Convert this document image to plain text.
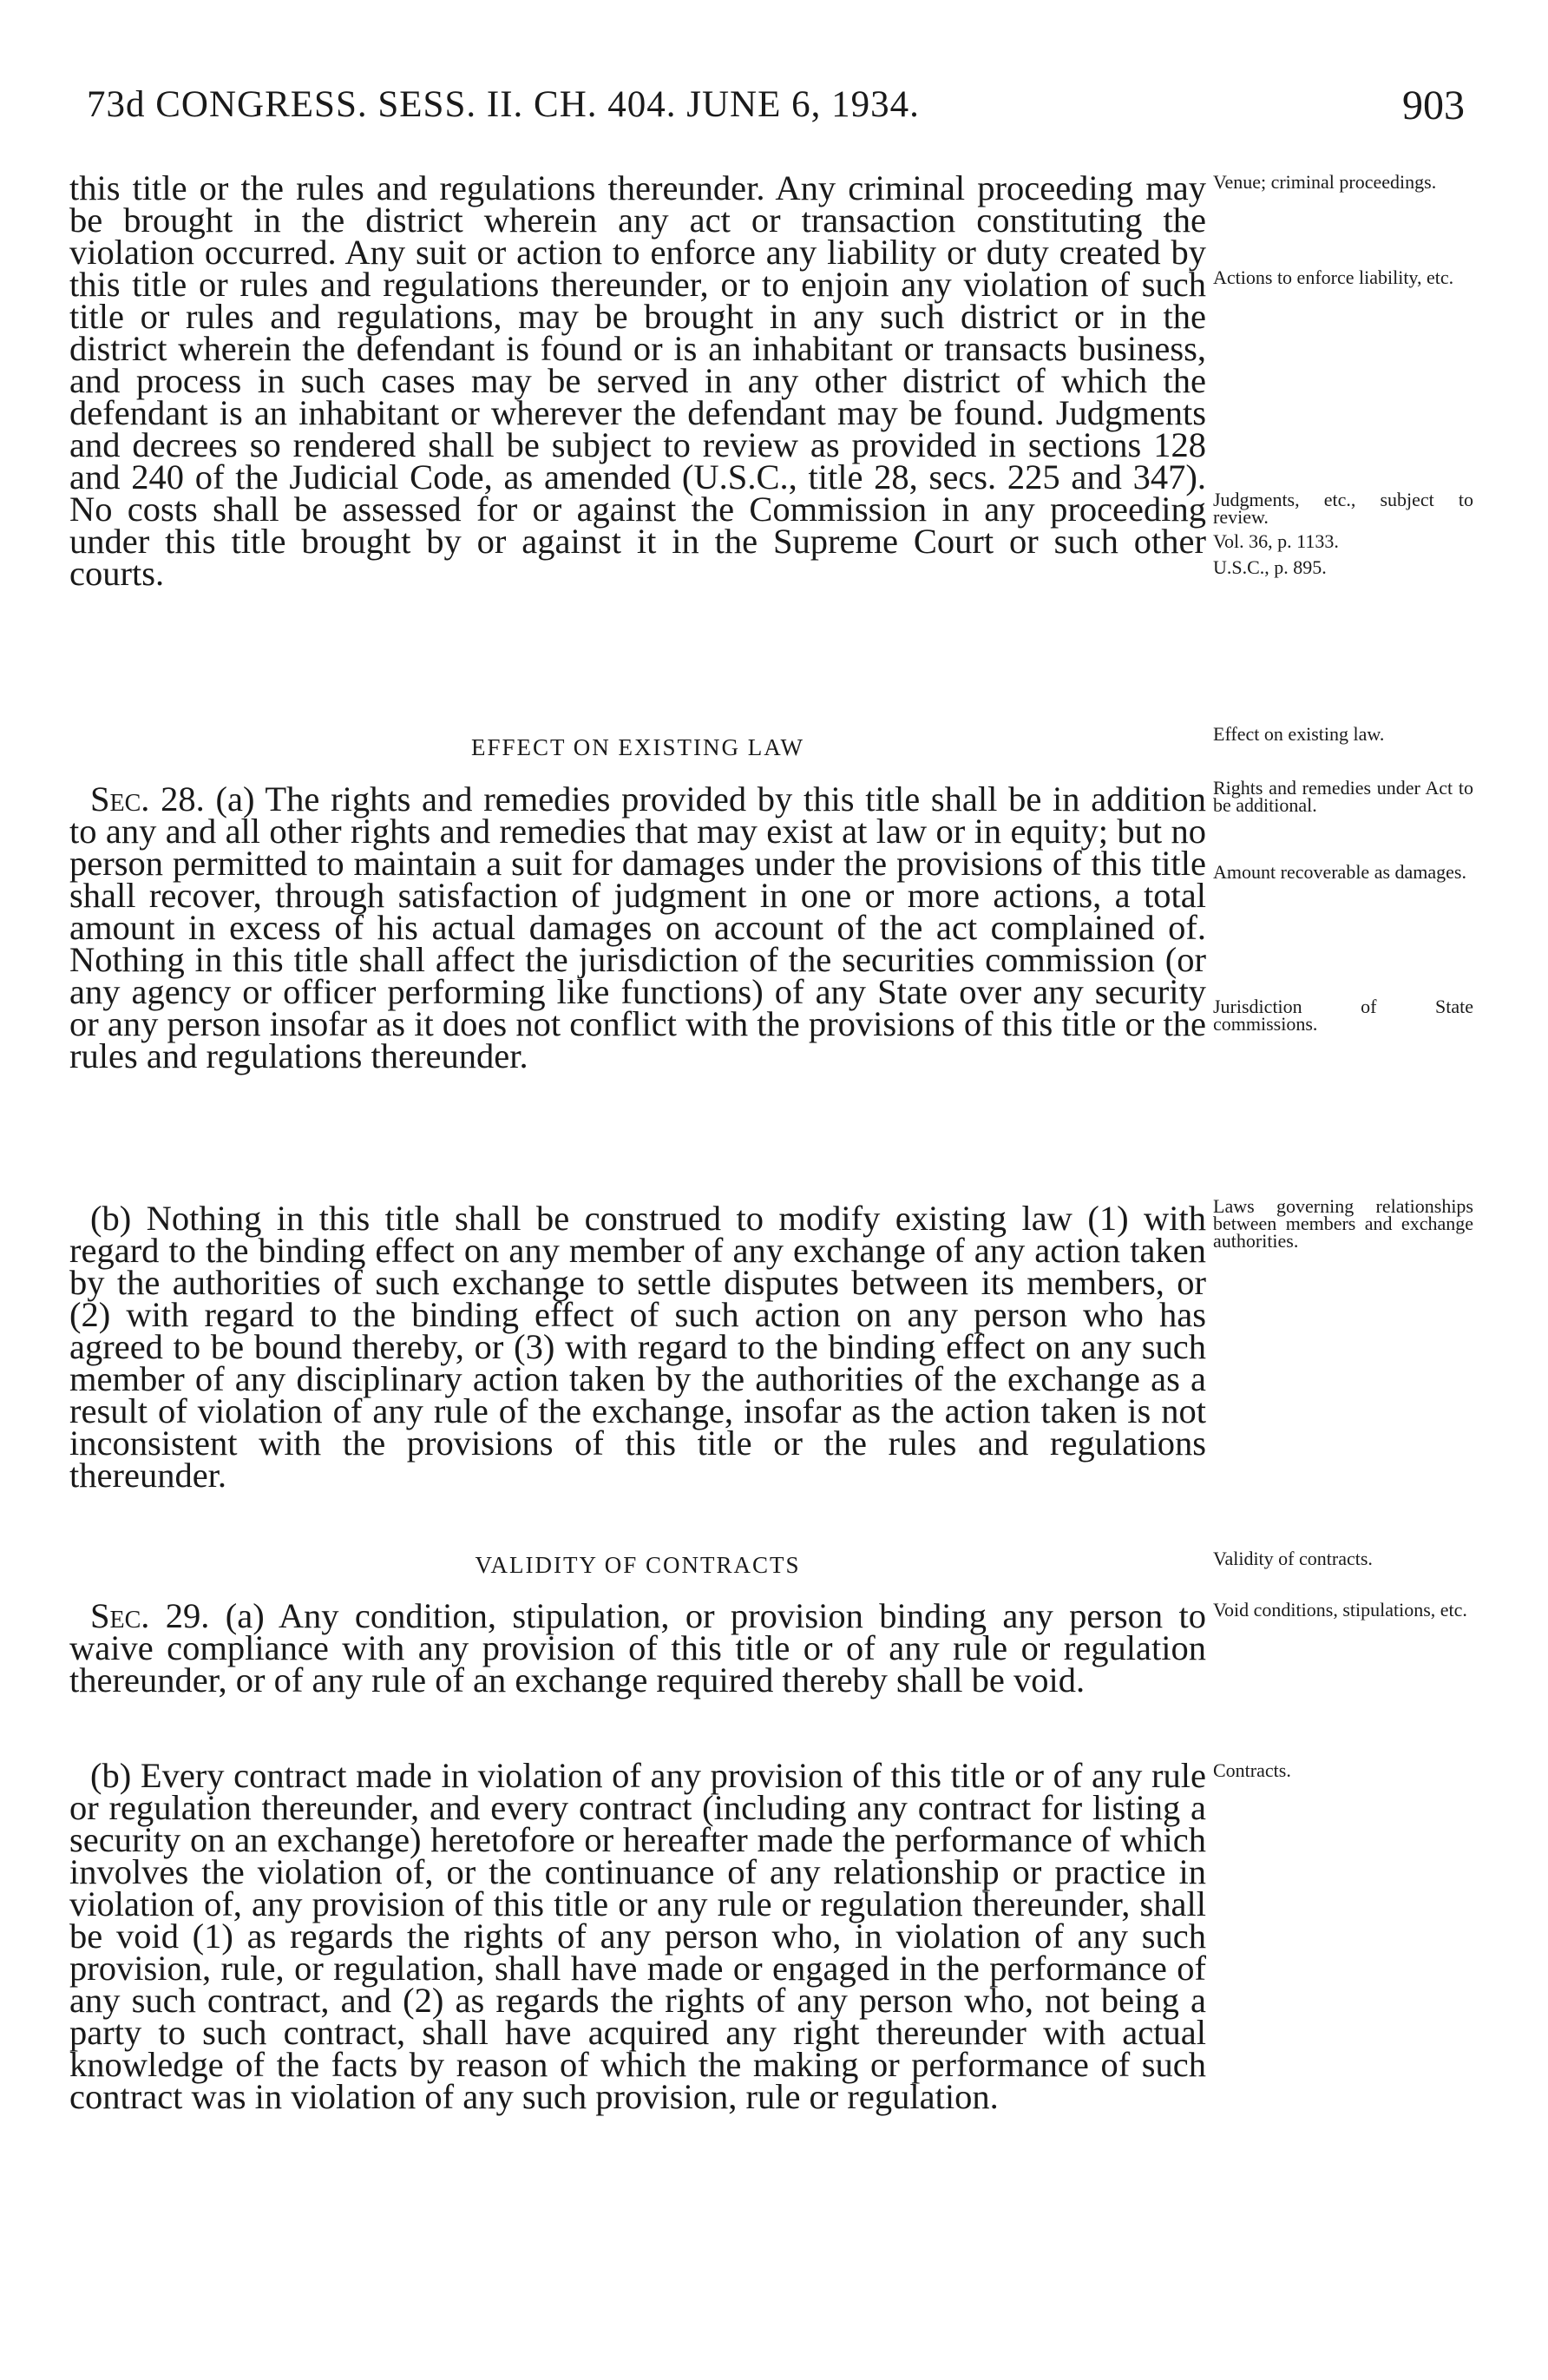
73d CONGRESS. SESS. II. CH. 404. JUNE 6, 1934.	903

this title or the rules and regulations thereunder. Any criminal proceeding may be brought in the district wherein any act or transaction constituting the violation occurred. Any suit or action to enforce any liability or duty created by this title or rules and regulations thereunder, or to enjoin any violation of such title or rules and regulations, may be brought in any such district or in the district wherein the defendant is found or is an inhabitant or transacts business, and process in such cases may be served in any other district of which the defendant is an inhabitant or wherever the defendant may be found. Judgments and decrees so rendered shall be subject to review as provided in sections 128 and 240 of the Judicial Code, as amended (U.S.C., title 28, secs. 225 and 347). No costs shall be assessed for or against the Commission in any proceeding under this title brought by or against it in the Supreme Court or such other courts.

EFFECT ON EXISTING LAW

Sec. 28. (a) The rights and remedies provided by this title shall be in addition to any and all other rights and remedies that may exist at law or in equity; but no person permitted to maintain a suit for damages under the provisions of this title shall recover, through satisfaction of judgment in one or more actions, a total amount in excess of his actual damages on account of the act complained of. Nothing in this title shall affect the jurisdiction of the securities commission (or any agency or officer performing like functions) of any State over any security or any person insofar as it does not conflict with the provisions of this title or the rules and regulations thereunder.

(b) Nothing in this title shall be construed to modify existing law (1) with regard to the binding effect on any member of any exchange of any action taken by the authorities of such exchange to settle disputes between its members, or (2) with regard to the binding effect of such action on any person who has agreed to be bound thereby, or (3) with regard to the binding effect on any such member of any disciplinary action taken by the authorities of the exchange as a result of violation of any rule of the exchange, insofar as the action taken is not inconsistent with the provisions of this title or the rules and regulations thereunder.

VALIDITY OF CONTRACTS

Sec. 29. (a) Any condition, stipulation, or provision binding any person to waive compliance with any provision of this title or of any rule or regulation thereunder, or of any rule of an exchange required thereby shall be void.

(b) Every contract made in violation of any provision of this title or of any rule or regulation thereunder, and every contract (including any contract for listing a security on an exchange) heretofore or hereafter made the performance of which involves the violation of, or the continuance of any relationship or practice in violation of, any provision of this title or any rule or regulation thereunder, shall be void (1) as regards the rights of any person who, in violation of any such provision, rule, or regulation, shall have made or engaged in the performance of any such contract, and (2) as regards the rights of any person who, not being a party to such contract, shall have acquired any right thereunder with actual knowledge of the facts by reason of which the making or performance of such contract was in violation of any such provision, rule or regulation.

Venue; criminal proceedings.

Actions to enforce liability, etc.

Judgments, etc., subject to review.

Vol. 36, p. 1133.

U.S.C., p. 895.

Effect on existing law.

Rights and remedies under Act to be additional.

Amount recoverable as damages.

Jurisdiction of State commissions.

Laws governing relationships between members and exchange authorities.

Validity of contracts.

Void conditions, stipulations, etc.

Contracts.
